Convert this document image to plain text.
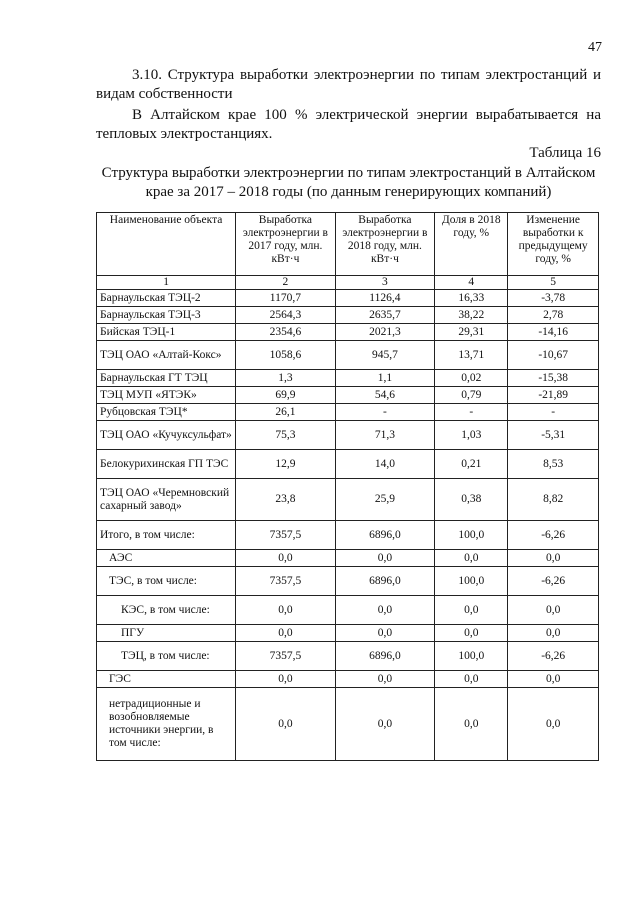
47
3.10. Структура выработки электроэнергии по типам электростанций и видам собственности
В Алтайском крае 100 % электрической энергии вырабатывается на тепловых электростанциях.
Таблица 16
Структура выработки электроэнергии по типам электростанций в Алтайском крае за 2017 – 2018 годы (по данным генерирующих компаний)
Наименование объекта	Выработка электроэнергии в 2017 году, млн. кВт·ч	Выработка электроэнергии в 2018 году, млн. кВт·ч	Доля в 2018 году, %	Изменение выработки к предыдущему году, %
1	2	3	4	5
Барнаульская ТЭЦ-2	1170,7	1126,4	16,33	-3,78
Барнаульская ТЭЦ-3	2564,3	2635,7	38,22	2,78
Бийская ТЭЦ-1	2354,6	2021,3	29,31	-14,16
ТЭЦ ОАО «Алтай-Кокс»	1058,6	945,7	13,71	-10,67
Барнаульская ГТ ТЭЦ	1,3	1,1	0,02	-15,38
ТЭЦ МУП «ЯТЭК»	69,9	54,6	0,79	-21,89
Рубцовская ТЭЦ*	26,1	-	-	-
ТЭЦ ОАО «Кучуксульфат»	75,3	71,3	1,03	-5,31
Белокурихинская ГП ТЭС	12,9	14,0	0,21	8,53
ТЭЦ ОАО «Черемновский сахарный завод»	23,8	25,9	0,38	8,82
Итого, в том числе:	7357,5	6896,0	100,0	-6,26
АЭС	0,0	0,0	0,0	0,0
ТЭС, в том числе:	7357,5	6896,0	100,0	-6,26
КЭС, в том числе:	0,0	0,0	0,0	0,0
ПГУ	0,0	0,0	0,0	0,0
ТЭЦ, в том числе:	7357,5	6896,0	100,0	-6,26
ГЭС	0,0	0,0	0,0	0,0
нетрадиционные и возобновляемые источники энергии, в том числе:	0,0	0,0	0,0	0,0
